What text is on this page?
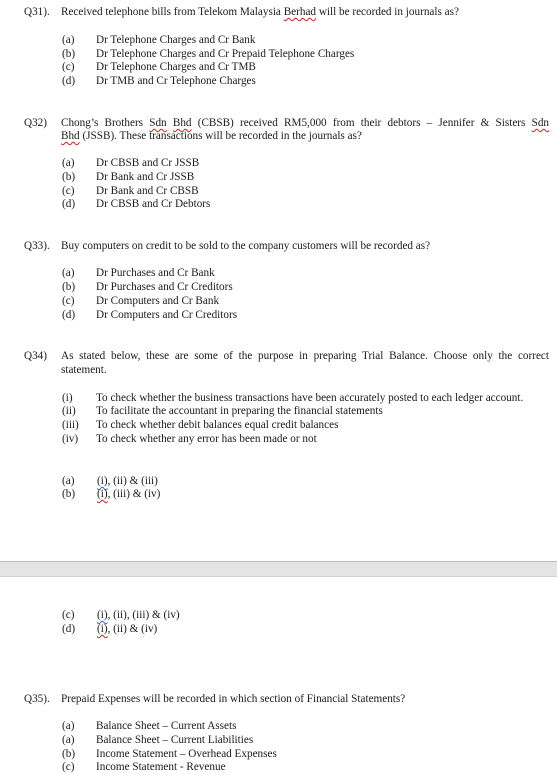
Q31). Received telephone bills from Telekom Malaysia Berhad will be recorded in journals as?
(a) Dr Telephone Charges and Cr Bank
(b) Dr Telephone Charges and Cr Prepaid Telephone Charges
(c) Dr Telephone Charges and Cr TMB
(d) Dr TMB and Cr Telephone Charges
Q32) Chong’s Brothers Sdn Bhd (CBSB) received RM5,000 from their debtors – Jennifer & Sisters Sdn
Bhd (JSSB). These transactions will be recorded in the journals as?
(a) Dr CBSB and Cr JSSB
(b) Dr Bank and Cr JSSB
(c) Dr Bank and Cr CBSB
(d) Dr CBSB and Cr Debtors
Q33). Buy computers on credit to be sold to the company customers will be recorded as?
(a) Dr Purchases and Cr Bank
(b) Dr Purchases and Cr Creditors
(c) Dr Computers and Cr Bank
(d) Dr Computers and Cr Creditors
Q34) As stated below, these are some of the purpose in preparing Trial Balance. Choose only the correct
statement.
(i) To check whether the business transactions have been accurately posted to each ledger account.
(ii) To facilitate the accountant in preparing the financial statements
(iii) To check whether debit balances equal credit balances
(iv) To check whether any error has been made or not
(a) (i), (ii) & (iii)
(b) (i), (iii) & (iv)
(c) (i), (ii), (iii) & (iv)
(d) (i), (ii) & (iv)
Q35). Prepaid Expenses will be recorded in which section of Financial Statements?
(a) Balance Sheet – Current Assets
(a) Balance Sheet – Current Liabilities
(b) Income Statement – Overhead Expenses
(c) Income Statement - Revenue
